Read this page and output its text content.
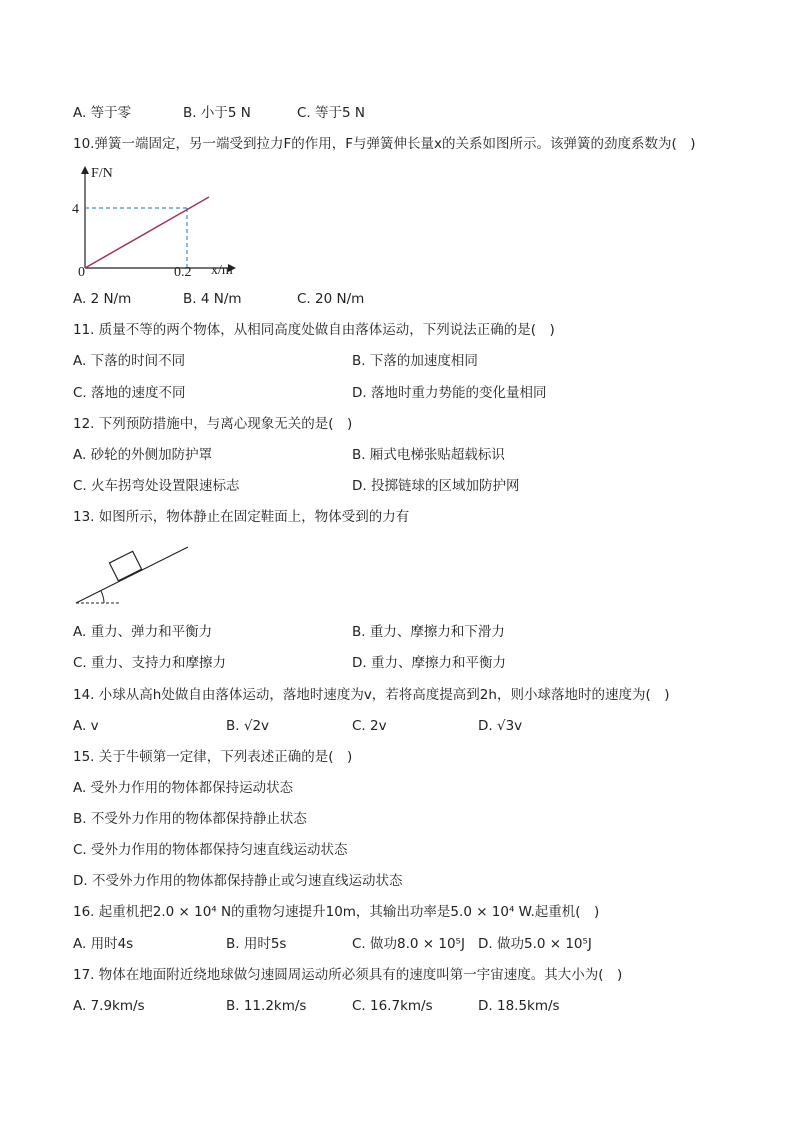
A. 等于零	B. 小于5 N	C. 等于5 N
10.弹簧一端固定，另一端受到拉力F的作用，F与弹簧伸长量x的关系如图所示。该弹簧的劲度系数为(　)
F/N
x/m
4
0.2
0
A. 2 N/m	B. 4 N/m	C. 20 N/m
11. 质量不等的两个物体，从相同高度处做自由落体运动，下列说法正确的是(　)
A. 下落的时间不同	B. 下落的加速度相同
C. 落地的速度不同	D. 落地时重力势能的变化量相同
12. 下列预防措施中，与离心现象无关的是(　)
A. 砂轮的外侧加防护罩	B. 厢式电梯张贴超载标识
C. 火车拐弯处设置限速标志	D. 投掷链球的区域加防护网
13. 如图所示，物体静止在固定鞋面上，物体受到的力有
A. 重力、弹力和平衡力	B. 重力、摩擦力和下滑力
C. 重力、支持力和摩擦力	D. 重力、摩擦力和平衡力
14. 小球从高h处做自由落体运动，落地时速度为v，若将高度提高到2h，则小球落地时的速度为(　)
A. v	B. √2v	C. 2v	D. √3v
15. 关于牛顿第一定律，下列表述正确的是(　)
A. 受外力作用的物体都保持运动状态
B. 不受外力作用的物体都保持静止状态
C. 受外力作用的物体都保持匀速直线运动状态
D. 不受外力作用的物体都保持静止或匀速直线运动状态
16. 起重机把2.0 × 10⁴ N的重物匀速提升10m，其输出功率是5.0 × 10⁴ W.起重机(　)
A. 用时4s	B. 用时5s	C. 做功8.0 × 10⁵J D. 做功5.0 × 10⁵J
17. 物体在地面附近绕地球做匀速圆周运动所必须具有的速度叫第一宇宙速度。其大小为(　)
A. 7.9km/s	B. 11.2km/s	C. 16.7km/s	D. 18.5km/s
